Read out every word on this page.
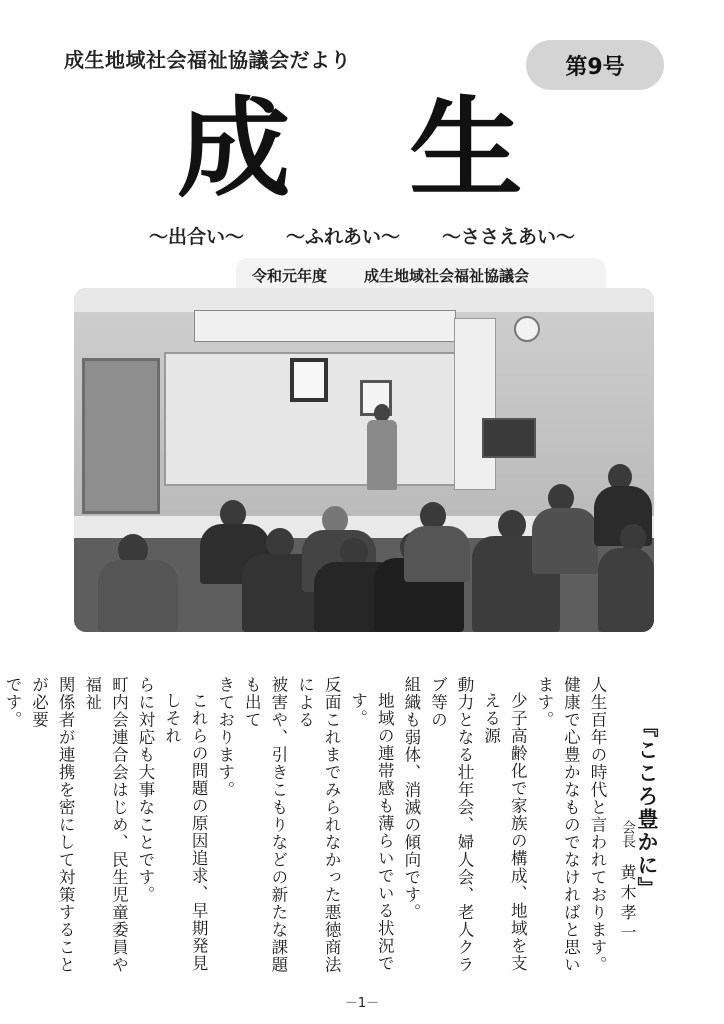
成生地域社会福祉協議会だより	第9号
成 生
～出合い～ ～ふれあい～ ～ささえあい～
令和元年度 成生地域社会福祉協議会
『こころ豊かに』
会長
黄木孝一

人生百年の時代と言われております。

健康で心豊かなものでなければと思います。

少子高齢化で家族の構成、地域を支える源

動力となる壮年会、婦人会、老人クラブ等の

組織も弱体、消滅の傾向です。

地域の連帯感も薄らいでいる状況です。

反面これまでみられなかった悪徳商法による

被害や、引きこもりなどの新たな課題も出て

きております。

これらの問題の原因追求、早期発見しそれ

らに対応も大事なことです。

町内会連合会はじめ、民生児童委員や福祉

関係者が連携を密にして対策することが必要

です。

－1－
